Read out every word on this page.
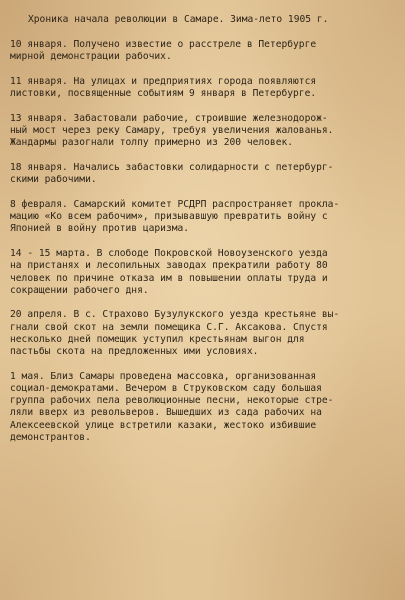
Хроника начала революции в Самаре. Зима-лето 1905 г.
10 января. Получено известие о расстреле в Петербурге
мирной демонстрации рабочих.
11 января. На улицах и предприятиях города появляются
листовки, посвященные событиям 9 января в Петербурге.
13 января. Забастовали рабочие, строившие железнодорож-
ный мост через реку Самару, требуя увеличения жалованья.
Жандармы разогнали толпу примерно из 200 человек.
18 января. Начались забастовки солидарности с петербург-
скими рабочими.
8 февраля. Самарский комитет РСДРП распространяет прокла-
мацию «Ко всем рабочим», призывавшую превратить войну с
Японией в войну против царизма.
14 - 15 марта. В слободе Покровской Новоузенского уезда
на пристанях и лесопильных заводах прекратили работу 80
человек по причине отказа им в повышении оплаты труда и
сокращении рабочего дня.
20 апреля. В с. Страхово Бузулукского уезда крестьяне вы-
гнали свой скот на земли помещика С.Г. Аксакова. Спустя
несколько дней помещик уступил крестьянам выгон для
пастьбы скота на предложенных ими условиях.
1 мая. Близ Самары проведена массовка, организованная
социал-демократами. Вечером в Струковском саду большая
группа рабочих пела революционные песни, некоторые стре-
ляли вверх из револьверов. Вышедших из сада рабочих на
Алексеевской улице встретили казаки, жестоко избившие
демонстрантов.
